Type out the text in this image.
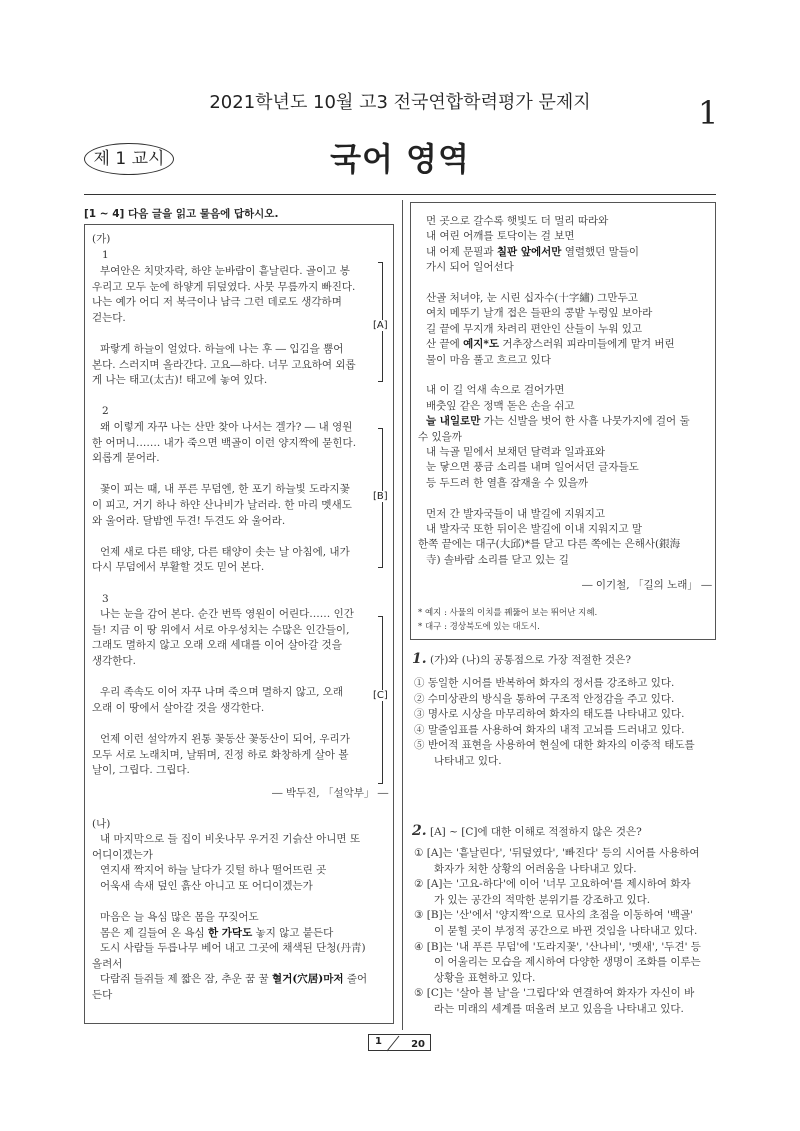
2021학년도 10월 고3 전국연합학력평가 문제지	1
제 1 교시	국어 영역
[1 ~ 4] 다음 글을 읽고 물음에 답하시오.
(가)
1
부여안은 치맛자락, 하얀 눈바람이 흩날린다. 골이고 봉
우리고 모두 눈에 하얗게 뒤덮였다. 사뭇 무릎까지 빠진다.
나는 예가 어디 저 북극이나 남극 그런 데로도 생각하며
걷는다.
파랗게 하늘이 얼었다. 하늘에 나는 후 ― 입김을 뿜어
본다. 스러지며 올라간다. 고요―하다. 너무 고요하여 외롭
게 나는 태고(太古)! 태고에 놓여 있다.
2
왜 이렇게 자꾸 나는 산만 찾아 나서는 겔가? ― 내 영원
한 어머니……. 내가 죽으면 백골이 이런 양지짝에 묻힌다.
외롭게 묻어라.
꽃이 피는 때, 내 푸른 무덤엔, 한 포기 하늘빛 도라지꽃
이 피고, 거기 하나 하얀 산나비가 날러라. 한 마리 멧새도
와 울어라. 달밤엔 두견! 두견도 와 울어라.
언제 새로 다른 태양, 다른 태양이 솟는 날 아침에, 내가
다시 무덤에서 부활할 것도 믿어 본다.
3
나는 눈을 감어 본다. 순간 번뜩 영원이 어린다…… 인간
들! 지금 이 땅 위에서 서로 아우성치는 수많은 인간들이,
그래도 멸하지 않고 오래 오래 세대를 이어 살아갈 것을
생각한다.
우리 족속도 이어 자꾸 나며 죽으며 멸하지 않고, 오래
오래 이 땅에서 살아갈 것을 생각한다.
언제 이런 설악까지 왼통 꽃동산 꽃동산이 되어, 우리가
모두 서로 노래치며, 날뛰며, 진정 하로 화창하게 살아 볼
날이, 그립다. 그립다.
[A]
[B]
[C]
― 박두진, 「설악부」 ―
(나)
내 마지막으로 들 집이 비옷나무 우거진 기슭산 아니면 또
어디이겠는가
연지새 짝지어 하늘 날다가 깃털 하나 떨어뜨린 곳
어욱새 속새 덮인 흙산 아니고 또 어디이겠는가
마음은 늘 욕심 많은 몸을 꾸짖어도
몸은 제 길들여 온 욕심 한 가닥도 놓지 않고 붙든다
도시 사람들 두릅나무 베어 내고 그곳에 채색된 단청(丹靑)
올려서
다람쥐 들쥐들 제 짧은 잠, 추운 꿈 꿀 혈거(穴居)마저 줄어
든다
먼 곳으로 갈수록 햇빛도 더 멀리 따라와
내 여린 어깨를 토닥이는 걸 보면
내 어제 문필과 칠판 앞에서만 열렬했던 말들이
가시 되어 일어선다
산골 처녀야, 눈 시린 십자수(十字繡) 그만두고
여치 메뚜기 날개 접은 들판의 콩밭 누렁잎 보아라
길 끝에 무지개 차려리 편안인 산들이 누워 있고
산 끝에 예지*도 거추장스러워 피라미들에게 맡겨 버린
물이 마음 풀고 흐르고 있다
내 이 길 억새 속으로 걸어가면
배춧잎 같은 정맥 돋은 손을 쉬고
늘 내일로만 가는 신발을 벗어 한 사흘 나뭇가지에 걸어 둘
수 있을까
내 늑골 밑에서 보채던 달력과 일과표와
눈 닿으면 풍금 소리를 내며 일어서던 글자들도
등 두드려 한 열흘 잠재울 수 있을까
먼저 간 발자국들이 내 발길에 지워지고
내 발자국 또한 뒤이은 발길에 이내 지워지고 말
한쪽 끝에는 대구(大邱)*를 닫고 다른 쪽에는 은해사(銀海
寺) 솔바람 소리를 닫고 있는 길
― 이기철, 「길의 노래」 ―
* 예지 : 사물의 이치를 꿰뚫어 보는 뛰어난 지혜.
* 대구 : 경상북도에 있는 대도시.
1. (가)와 (나)의 공통점으로 가장 적절한 것은?
① 동일한 시어를 반복하여 화자의 정서를 강조하고 있다.
② 수미상관의 방식을 통하여 구조적 안정감을 주고 있다.
③ 명사로 시상을 마무리하여 화자의 태도를 나타내고 있다.
④ 말줄임표를 사용하여 화자의 내적 고뇌를 드러내고 있다.
⑤ 반어적 표현을 사용하여 현실에 대한 화자의 이중적 태도를
나타내고 있다.
2. [A] ~ [C]에 대한 이해로 적절하지 않은 것은?
① [A]는 '흩날린다', '뒤덮였다', '빠진다' 등의 시어를 사용하여
화자가 처한 상황의 어려움을 나타내고 있다.
② [A]는 '고요-하다'에 이어 '너무 고요하여'를 제시하여 화자
가 있는 공간의 적막한 분위기를 강조하고 있다.
③ [B]는 '산'에서 '양지짝'으로 묘사의 초점을 이동하여 '백골'
이 묻힐 곳이 부정적 공간으로 바뀐 것임을 나타내고 있다.
④ [B]는 '내 푸른 무덤'에 '도라지꽃', '산나비', '멧새', '두견' 등
이 어울리는 모습을 제시하여 다양한 생명이 조화를 이루는
상황을 표현하고 있다.
⑤ [C]는 '살아 볼 날'을 '그립다'와 연결하여 화자가 자신이 바
라는 미래의 세계를 떠올려 보고 있음을 나타내고 있다.
1	20
